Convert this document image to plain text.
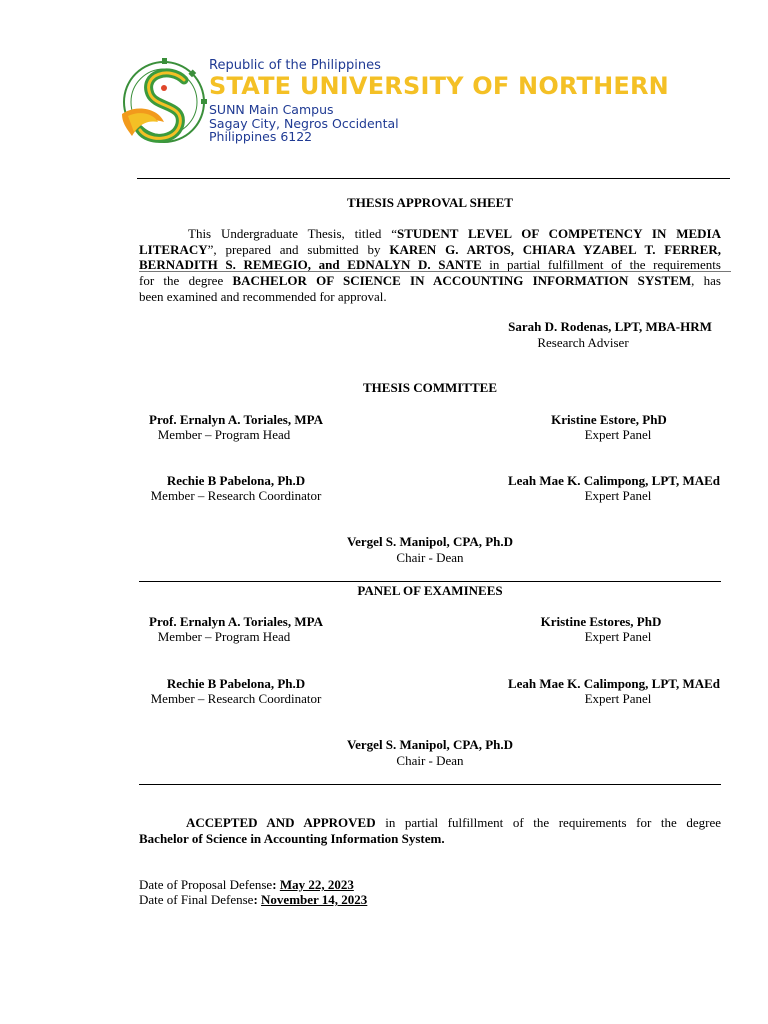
Republic of the Philippines
STATE UNIVERSITY OF NORTHERN
SUNN Main Campus
Sagay City, Negros Occidental
Philippines 6122
THESIS APPROVAL SHEET
This Undergraduate Thesis, titled “STUDENT LEVEL OF COMPETENCY IN MEDIA
LITERACY”, prepared and submitted by KAREN G. ARTOS, CHIARA YZABEL T. FERRER,
BERNADITH S. REMEGIO, and EDNALYN D. SANTE in partial fulfillment of the requirements
for the degree BACHELOR OF SCIENCE IN ACCOUNTING INFORMATION SYSTEM, has
been examined and recommended for approval.
Sarah D. Rodenas, LPT, MBA-HRM
Research Adviser
THESIS COMMITTEE
Prof. Ernalyn A. Toriales, MPA
Member – Program Head
Kristine Estore, PhD
Expert Panel
Rechie B Pabelona, Ph.D
Member – Research Coordinator
Leah Mae K. Calimpong, LPT, MAEd
Expert Panel
Vergel S. Manipol, CPA, Ph.D
Chair - Dean
PANEL OF EXAMINEES
Prof. Ernalyn A. Toriales, MPA
Member – Program Head
Kristine Estores, PhD
Expert Panel
Rechie B Pabelona, Ph.D
Member – Research Coordinator
Leah Mae K. Calimpong, LPT, MAEd
Expert Panel
Vergel S. Manipol, CPA, Ph.D
Chair - Dean
ACCEPTED AND APPROVED in partial fulfillment of the requirements for the degree
Bachelor of Science in Accounting Information System.
Date of Proposal Defense: May 22, 2023
Date of Final Defense: November 14, 2023
